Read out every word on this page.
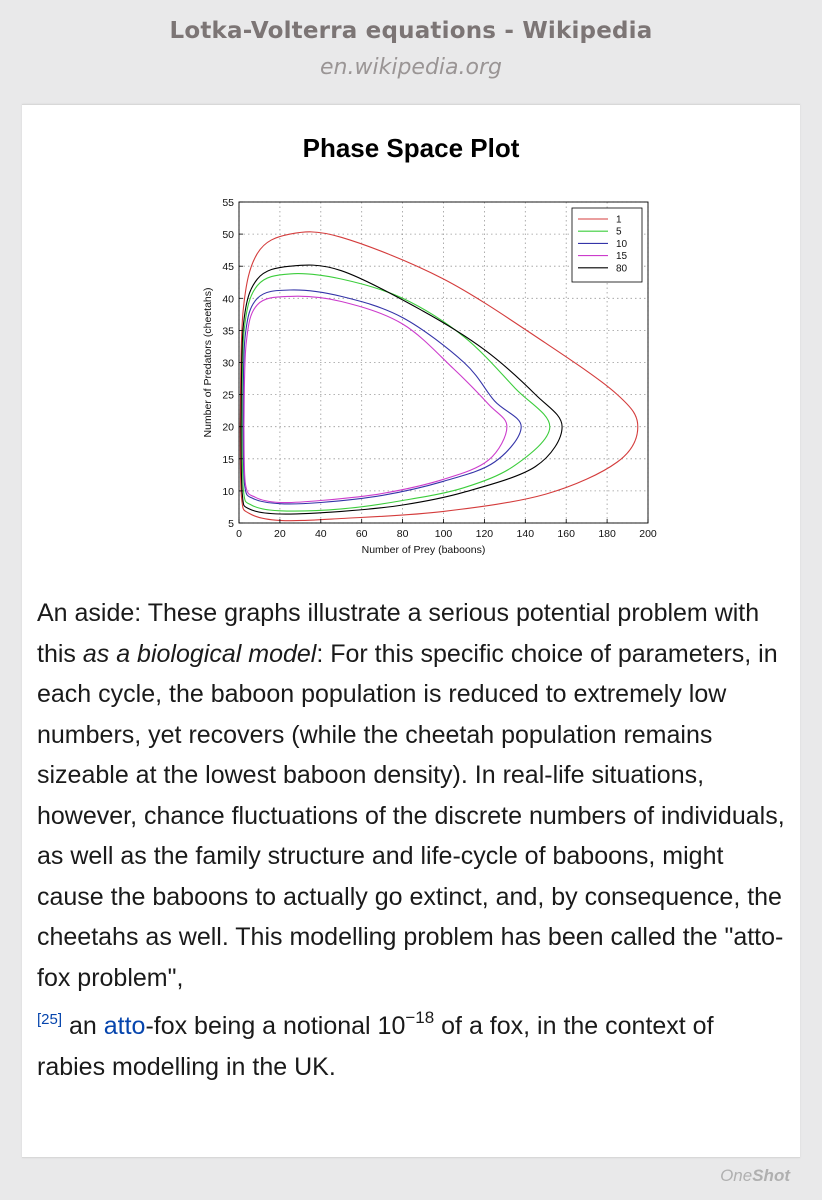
Lotka-Volterra equations - Wikipedia
en.wikipedia.org
Phase Space Plot
0	20	40	60	80	100 120 140 160 180 200
5
10
15
20
25
30
35
40
45
50
55
Number of Prey (baboons)
Number of Predators (cheetahs)
1
5
10
15
80

An aside: These graphs illustrate a serious potential problem with this as a biological model: For this specific choice of parameters, in each cycle, the baboon population is reduced to extremely low numbers, yet recovers (while the cheetah population remains sizeable at the lowest baboon density). In real-life situations, however, chance fluctuations of the discrete numbers of individuals, as well as the family structure and life-cycle of baboons, might cause the baboons to actually go extinct, and, by consequence, the cheetahs as well. This modelling problem has been called the "atto-fox problem",
[25] an atto-fox being a notional $10^{-18}$ of a fox, in the context of rabies modelling in the UK.

OneShot
